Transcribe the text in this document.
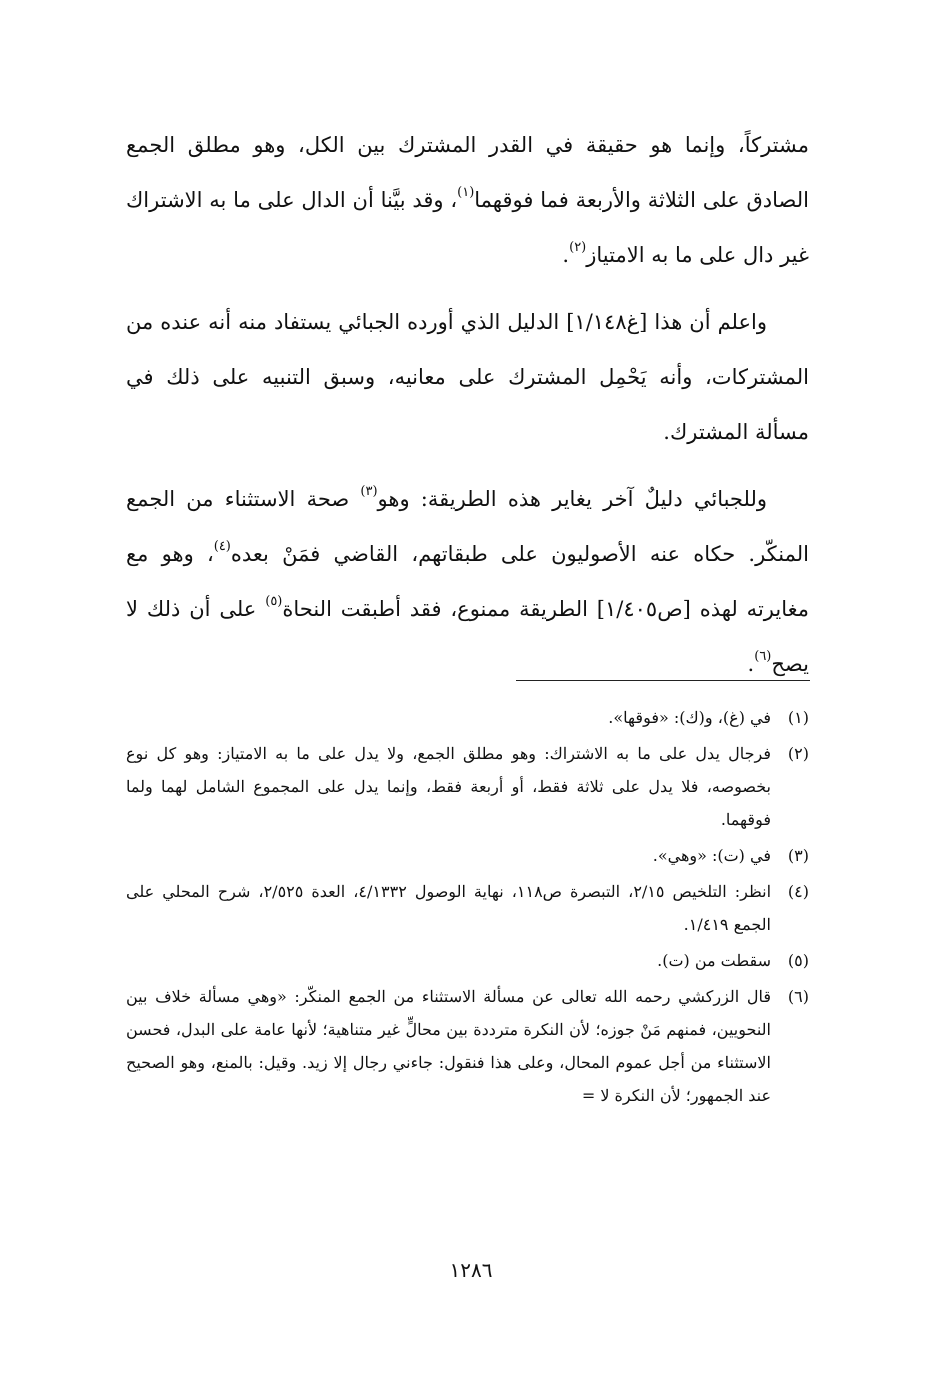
مشتركاً، وإنما هو حقيقة في القدر المشترك بين الكل، وهو مطلق الجمع الصادق على الثلاثة والأربعة فما فوقهما$^{(١)}$، وقد بيَّنا أن الدال على ما به الاشتراك غير دال على ما به الامتياز$^{(٢)}$.

واعلم أن هذا [غ١/١٤٨] الدليل الذي أورده الجبائي يستفاد منه أنه عنده من المشتركات، وأنه يَحْمِل المشترك على معانيه، وسبق التنبيه على ذلك في مسألة المشترك.

وللجبائي دليلٌ آخر يغاير هذه الطريقة: وهو$^{(٣)}$ صحة الاستثناء من الجمع المنكّر. حكاه عنه الأصوليون على طبقاتهم، القاضي فمَنْ بعده$^{(٤)}$، وهو مع مغايرته لهذه [ص١/٤٠٥] الطريقة ممنوع، فقد أطبقت النحاة$^{(٥)}$ على أن ذلك لا يصح$^{(٦)}$.

(١)
في (غ)، و(ك): «فوقها».
(٢)
فرجال يدل على ما به الاشتراك: وهو مطلق الجمع، ولا يدل على ما به الامتياز: وهو كل نوع بخصوصه، فلا يدل على ثلاثة فقط، أو أربعة فقط، وإنما يدل على المجموع الشامل لهما ولما فوقهما.
(٣)
في (ت): «وهي».
(٤)
انظر: التلخيص ٢/١٥، التبصرة ص١١٨، نهاية الوصول ٤/١٣٣٢، العدة ٢/٥٢٥، شرح المحلي على الجمع ١/٤١٩.
(٥)
سقطت من (ت).
(٦)
قال الزركشي رحمه الله تعالى عن مسألة الاستثناء من الجمع المنكّر: «وهي مسألة خلاف بين النحويين، فمنهم مَنْ جوزه؛ لأن النكرة مترددة بين محالٍّ غير متناهية؛ لأنها عامة على البدل، فحسن الاستثناء من أجل عموم المحال، وعلى هذا فنقول: جاءني رجال إلا زيد. وقيل: بالمنع، وهو الصحيح عند الجمهور؛ لأن النكرة لا =
١٢٨٦
